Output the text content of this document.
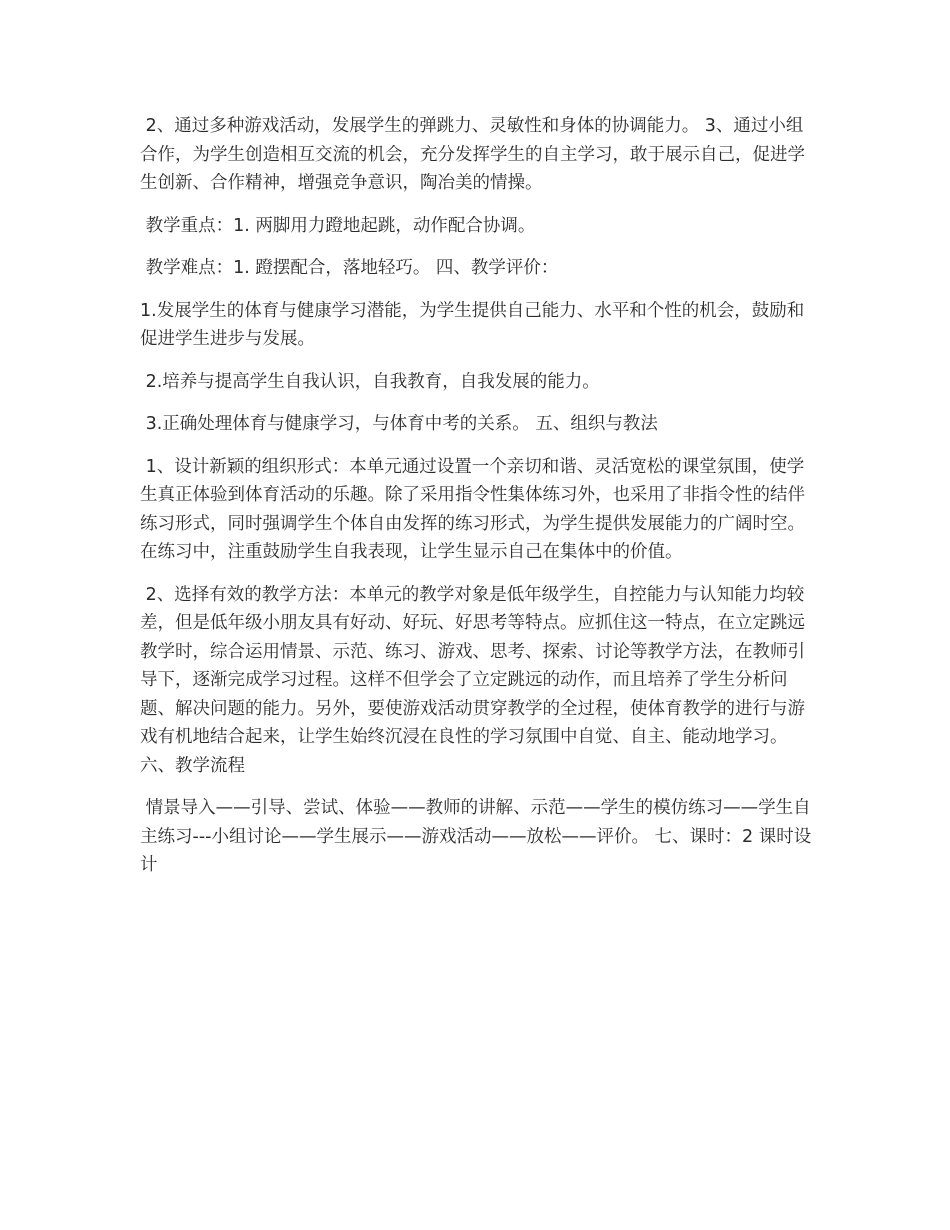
2、通过多种游戏活动，发展学生的弹跳力、灵敏性和身体的协调能力。 3、通过小组合作，为学生创造相互交流的机会，充分发挥学生的自主学习，敢于展示自己，促进学生创新、合作精神，增强竞争意识，陶冶美的情操。

教学重点：1. 两脚用力蹬地起跳，动作配合协调。

教学难点：1. 蹬摆配合，落地轻巧。 四、教学评价：

1.发展学生的体育与健康学习潜能，为学生提供自己能力、水平和个性的机会，鼓励和促进学生进步与发展。

2.培养与提高学生自我认识，自我教育，自我发展的能力。

3.正确处理体育与健康学习，与体育中考的关系。 五、组织与教法

1、设计新颖的组织形式：本单元通过设置一个亲切和谐、灵活宽松的课堂氛围，使学生真正体验到体育活动的乐趣。除了采用指令性集体练习外，也采用了非指令性的结伴练习形式，同时强调学生个体自由发挥的练习形式，为学生提供发展能力的广阔时空。在练习中，注重鼓励学生自我表现，让学生显示自己在集体中的价值。

2、选择有效的教学方法：本单元的教学对象是低年级学生，自控能力与认知能力均较差，但是低年级小朋友具有好动、好玩、好思考等特点。应抓住这一特点，在立定跳远教学时，综合运用情景、示范、练习、游戏、思考、探索、讨论等教学方法，在教师引导下，逐渐完成学习过程。这样不但学会了立定跳远的动作，而且培养了学生分析问题、解决问题的能力。另外，要使游戏活动贯穿教学的全过程，使体育教学的进行与游戏有机地结合起来，让学生始终沉浸在良性的学习氛围中自觉、自主、能动地学习。 六、教学流程

情景导入——引导、尝试、体验——教师的讲解、示范——学生的模仿练习——学生自主练习---小组讨论——学生展示——游戏活动——放松——评价。 七、课时：2 课时设计
